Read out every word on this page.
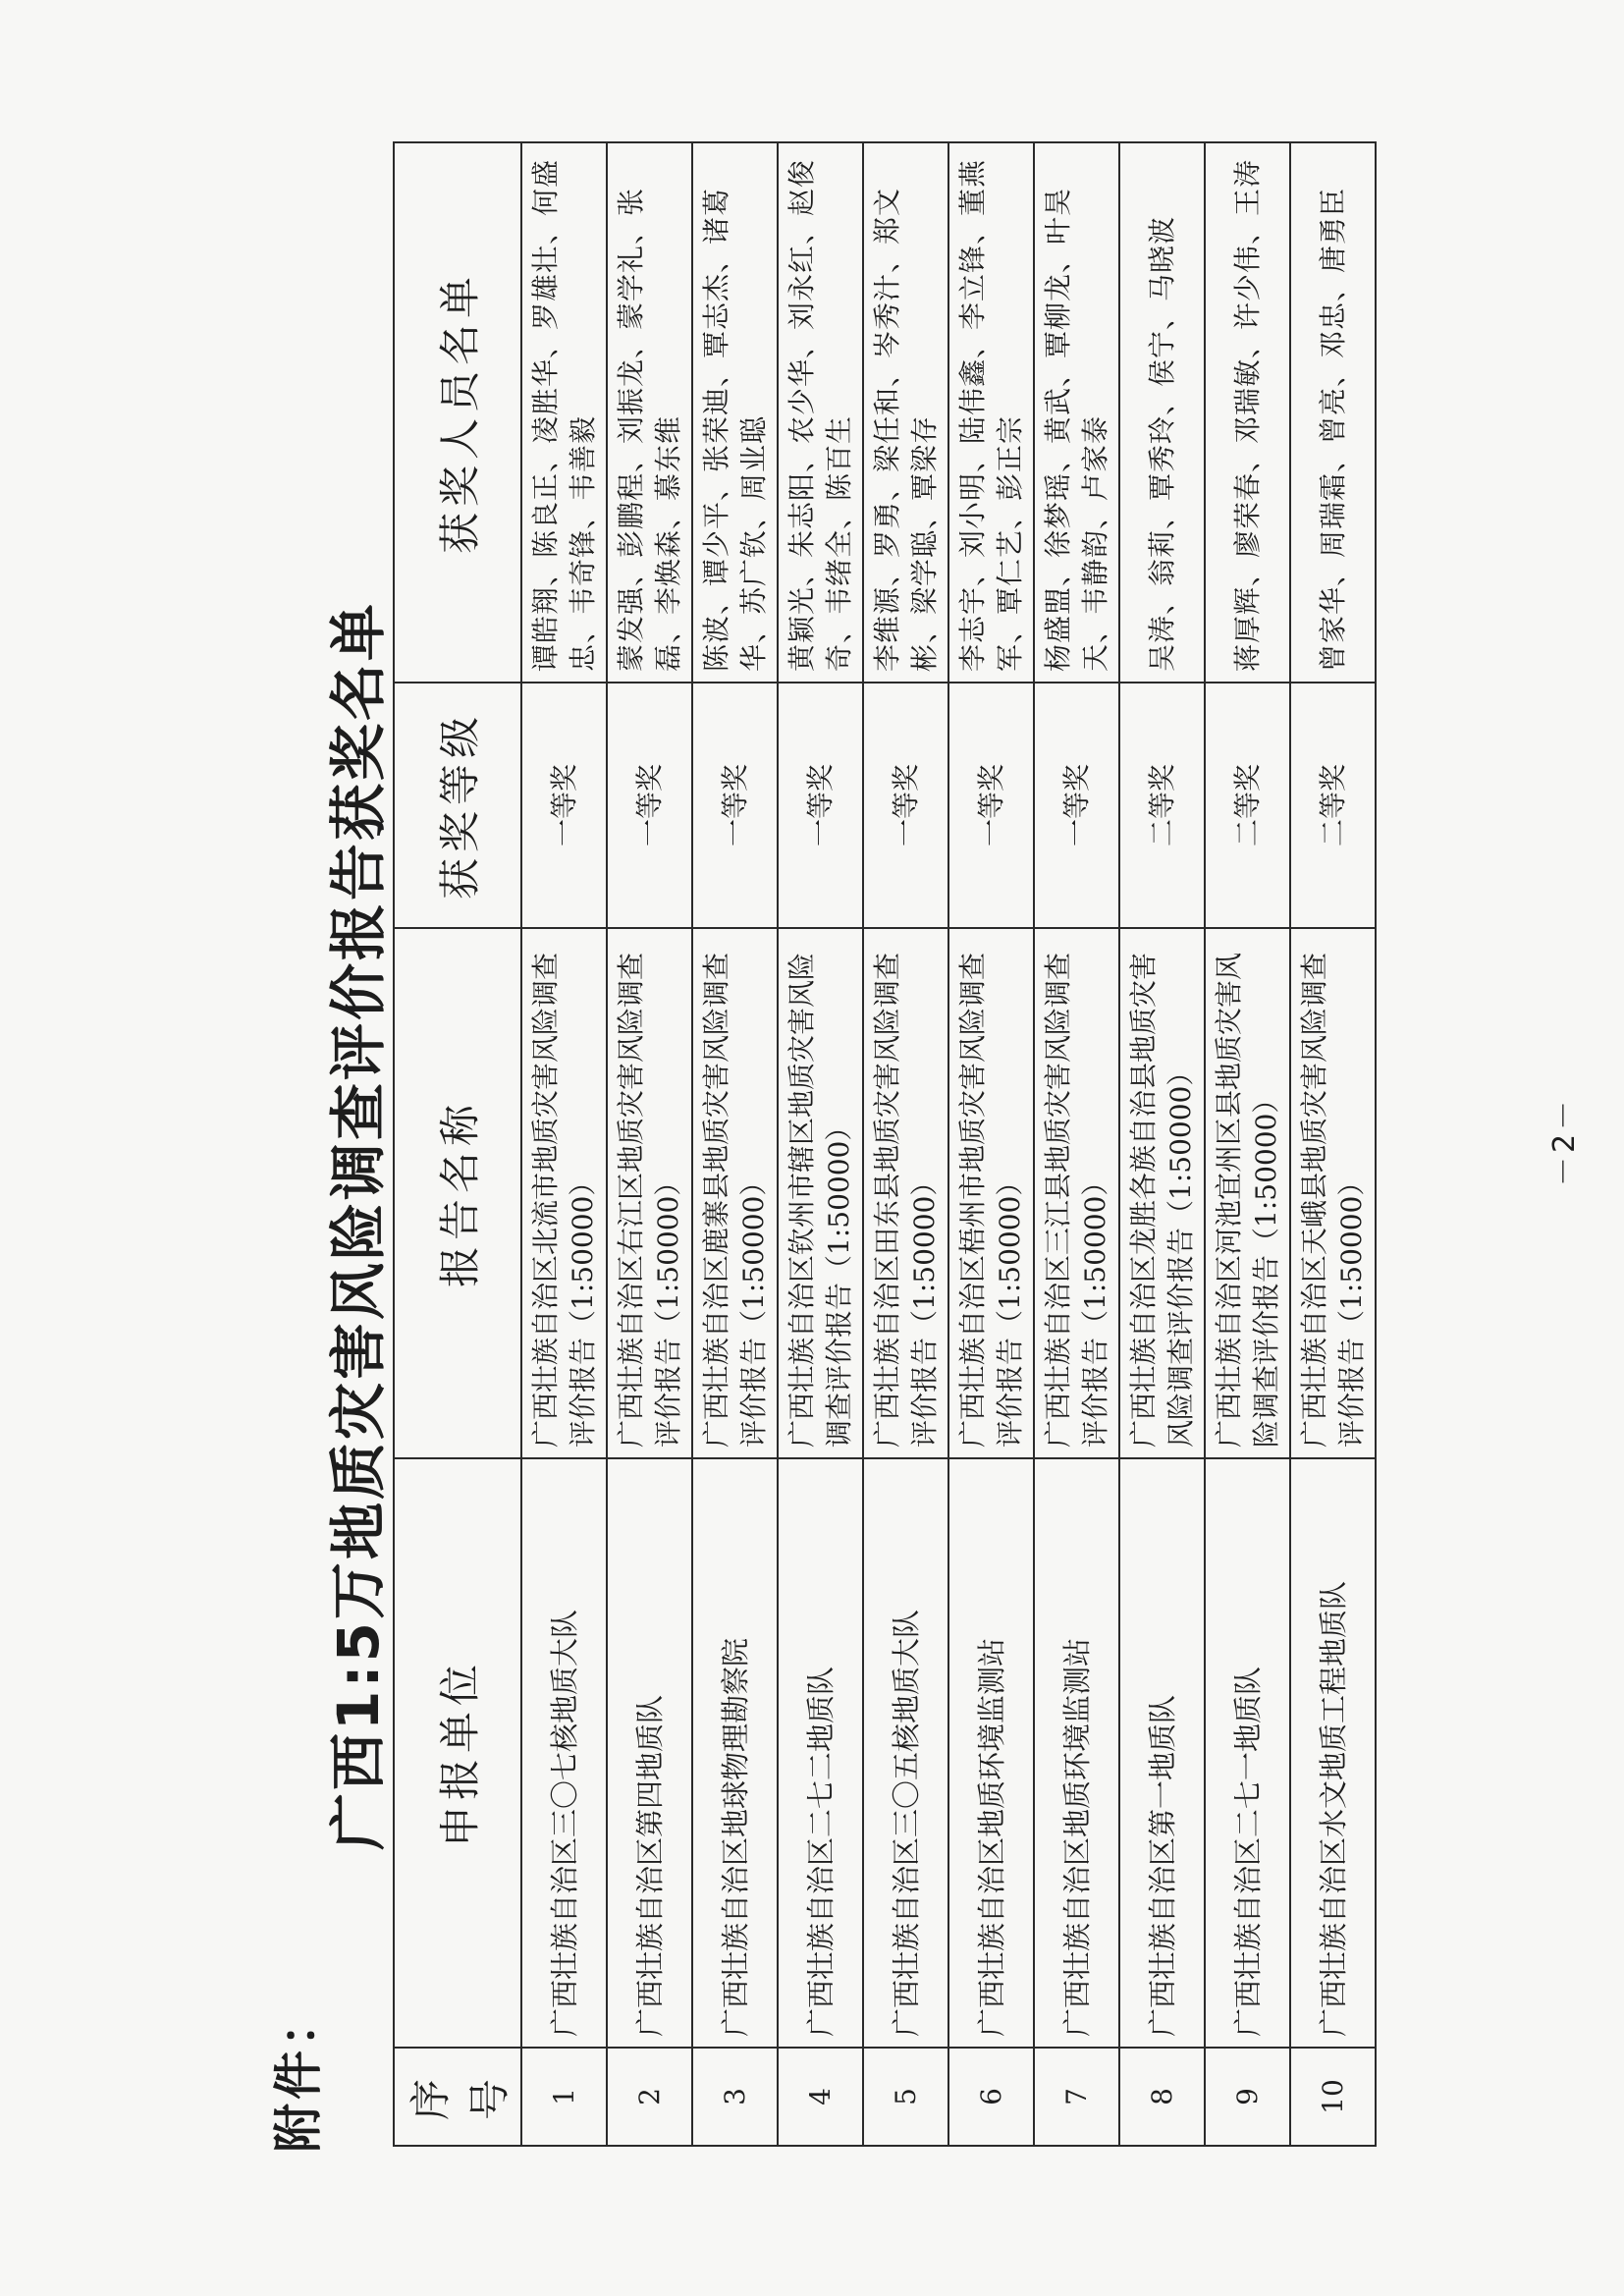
附件：
广西1:5万地质灾害风险调查评价报告获奖名单
序号	申报单位	报告名称	获奖等级	获奖人员名单
1	广西壮族自治区三〇七核地质大队	广西壮族自治区北流市地质灾害风险调查评价报告（1:50000）	一等奖	谭皓翔、陈良正、凌胜华、罗雄壮、何盛忠、韦奇锋、韦善毅
2	广西壮族自治区第四地质队	广西壮族自治区右江区地质灾害风险调查评价报告（1:50000）	一等奖	蒙发强、彭鹏程、刘振龙、蒙学礼、张磊、李焕森、慕东维
3	广西壮族自治区地球物理勘察院	广西壮族自治区鹿寨县地质灾害风险调查评价报告（1:50000）	一等奖	陈波、谭少平、张荣迪、覃志杰、诸葛华、苏广钦、周业聪
4	广西壮族自治区二七二地质队	广西壮族自治区钦州市辖区地质灾害风险调查评价报告（1:50000）	一等奖	黄颖光、朱志阳、农少华、刘永红、赵俊奇、韦绪全、陈百生
5	广西壮族自治区三〇五核地质大队	广西壮族自治区田东县地质灾害风险调查评价报告（1:50000）	一等奖	李维源、罗勇、梁任和、岑秀汁、郑文彬、梁学聪、覃梁存
6	广西壮族自治区地质环境监测站	广西壮族自治区梧州市地质灾害风险调查评价报告（1:50000）	一等奖	李志宇、刘小明、陆伟鑫、李立锋、董燕军、覃仁艺、彭正宗
7	广西壮族自治区地质环境监测站	广西壮族自治区三江县地质灾害风险调查评价报告（1:50000）	一等奖	杨盛盟、徐梦瑶、黄武、覃柳龙、叶昊天、韦静韵、卢家泰
8	广西壮族自治区第一地质队	广西壮族自治区龙胜各族自治县地质灾害风险调查评价报告（1:50000）	二等奖	吴涛、翁莉、覃秀玲、侯宁、马晓波
9	广西壮族自治区二七一地质队	广西壮族自治区河池宜州区县地质灾害风险调查评价报告（1:50000）	二等奖	蒋厚辉、廖荣春、邓瑞敏、许少伟、王涛
10	广西壮族自治区水文地质工程地质队	广西壮族自治区天峨县地质灾害风险调查评价报告（1:50000）	二等奖	曾家华、周瑞霜、曾亮、邓忠、唐勇臣
－2－
